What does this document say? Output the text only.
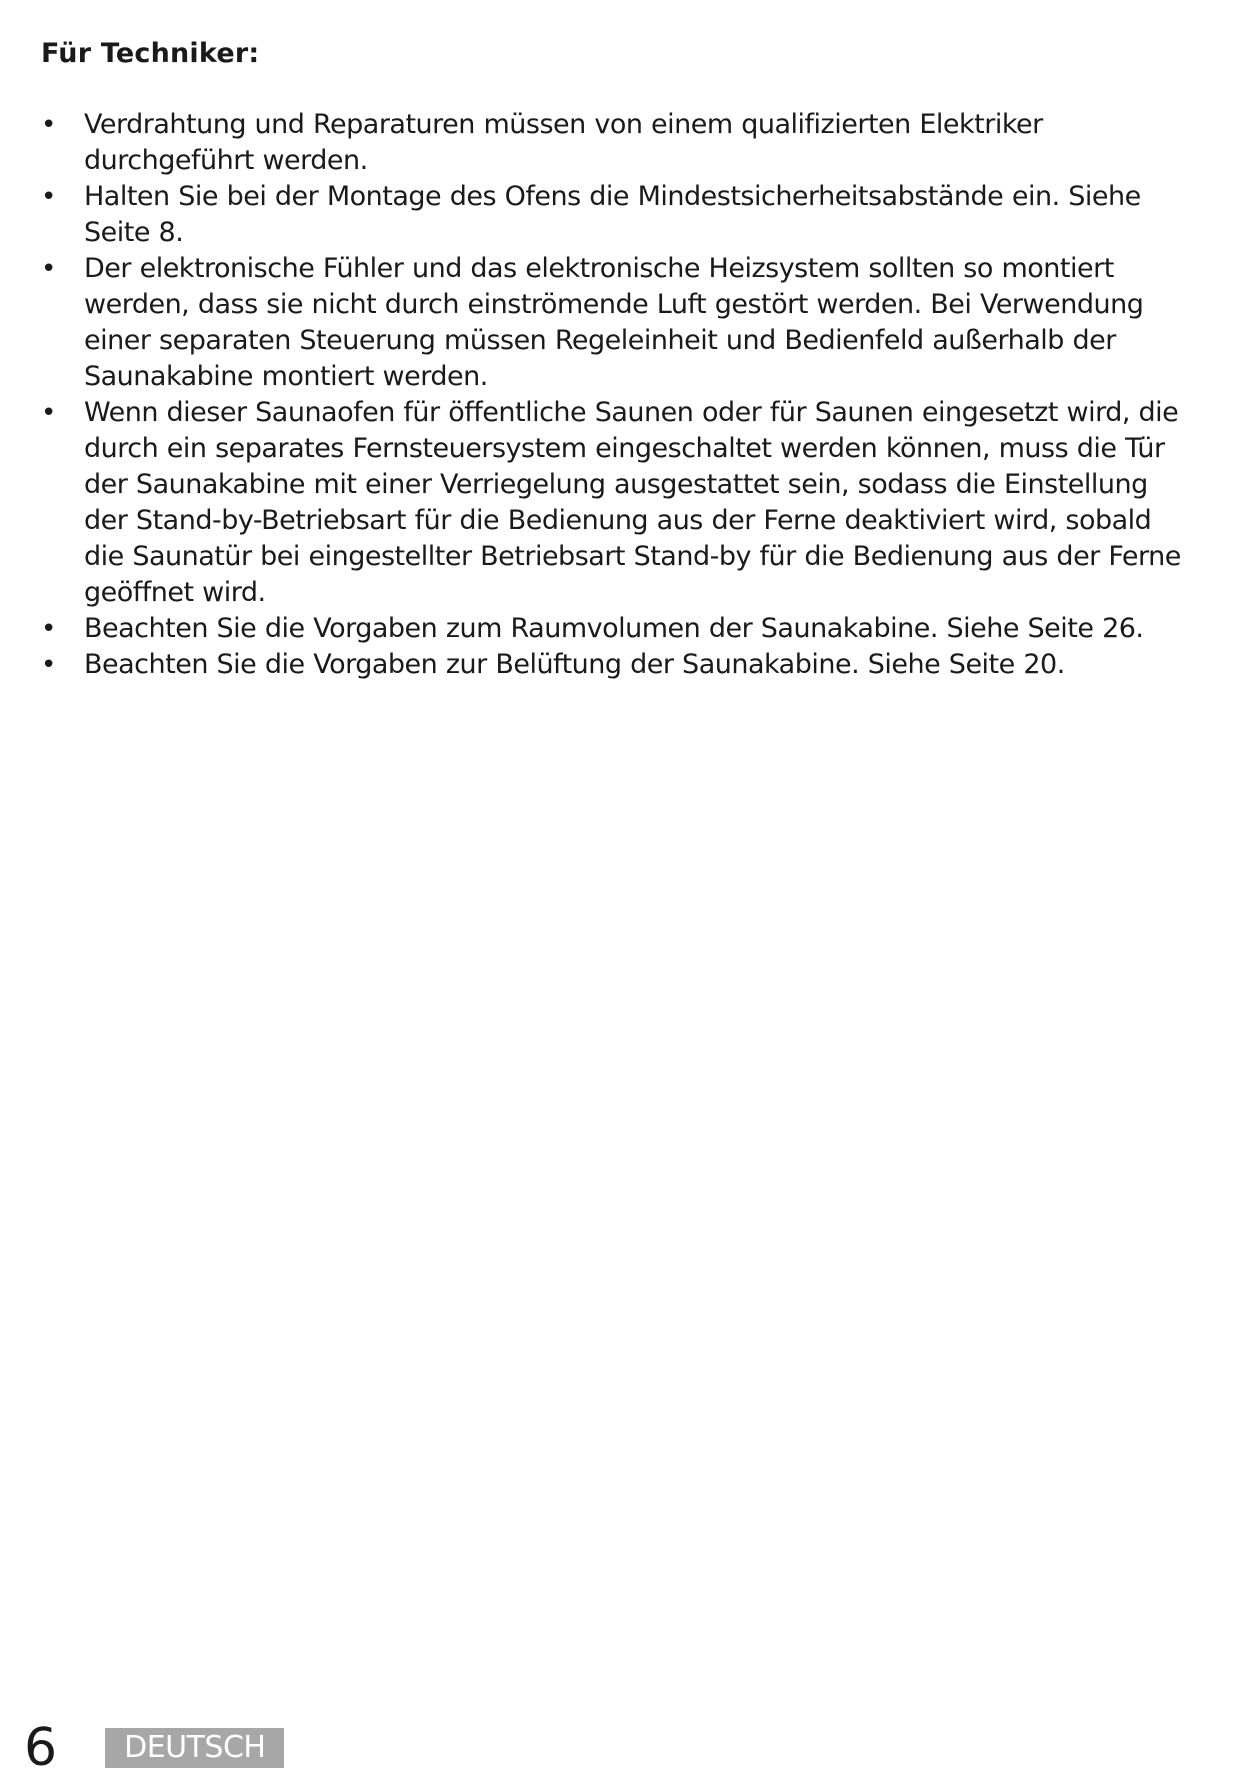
Für Techniker:
•	Verdrahtung und Reparaturen müssen von einem qualifizierten Elektriker
durchgeführt werden.
•	Halten Sie bei der Montage des Ofens die Mindestsicherheitsabstände ein. Siehe
Seite 8.
•	Der elektronische Fühler und das elektronische Heizsystem sollten so montiert
werden, dass sie nicht durch einströmende Luft gestört werden. Bei Verwendung
einer separaten Steuerung müssen Regeleinheit und Bedienfeld außerhalb der
Saunakabine montiert werden.
•	Wenn dieser Saunaofen für öffentliche Saunen oder für Saunen eingesetzt wird, die
durch ein separates Fernsteuersystem eingeschaltet werden können, muss die Tür
der Saunakabine mit einer Verriegelung ausgestattet sein, sodass die Einstellung
der Stand-by-Betriebsart für die Bedienung aus der Ferne deaktiviert wird, sobald
die Saunatür bei eingestellter Betriebsart Stand-by für die Bedienung aus der Ferne
geöffnet wird.
•	Beachten Sie die Vorgaben zum Raumvolumen der Saunakabine. Siehe Seite 26.
•	Beachten Sie die Vorgaben zur Belüftung der Saunakabine. Siehe Seite 20.
6	DEUTSCH
